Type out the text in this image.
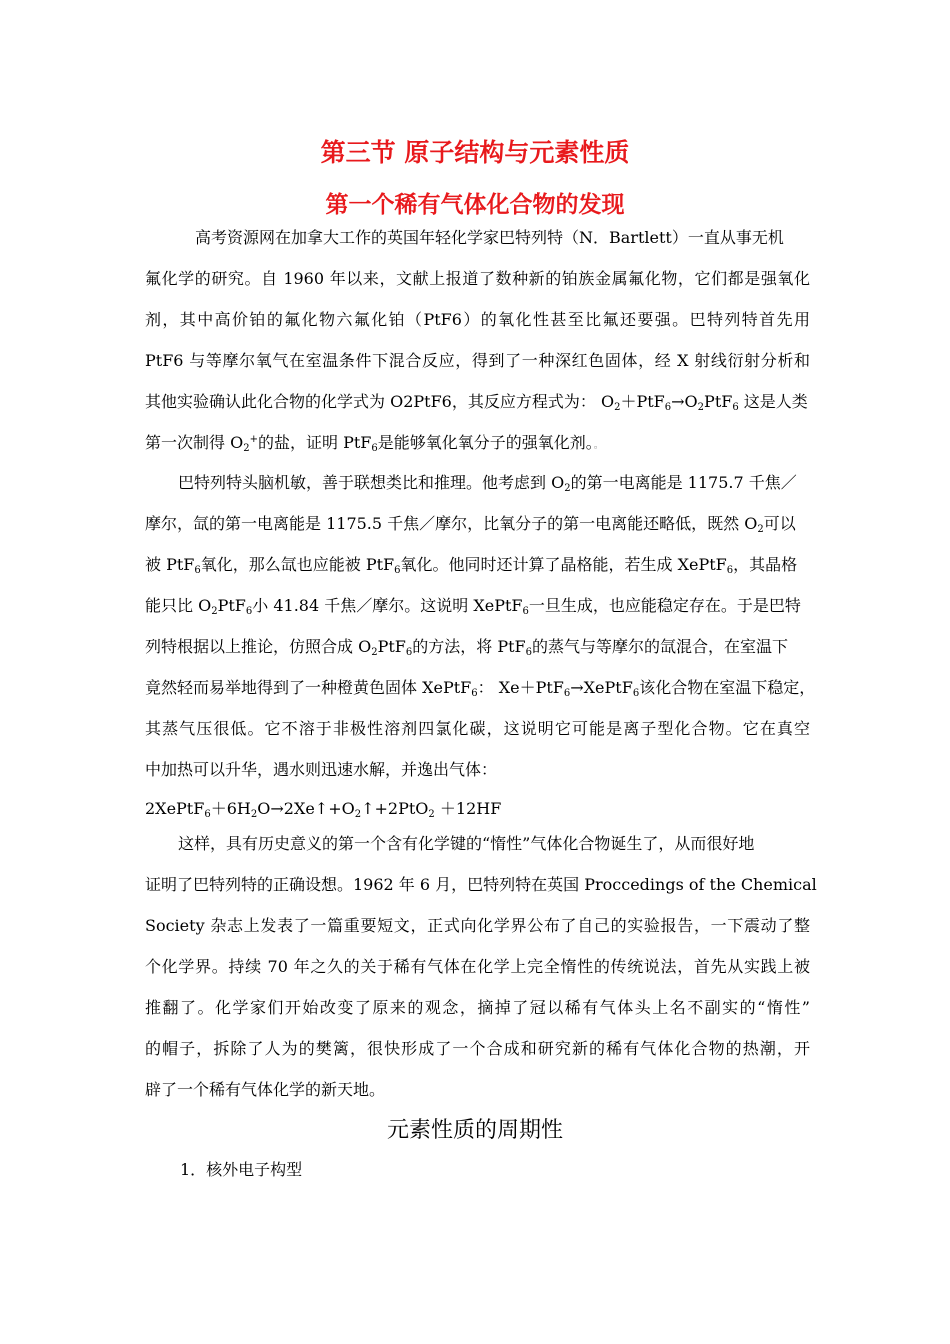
第三节 原子结构与元素性质
第一个稀有气体化合物的发现
高考资源网在加拿大工作的英国年轻化学家巴特列特（N．Bartlett）一直从事无机
氟化学的研究。自 1960 年以来，文献上报道了数种新的铂族金属氟化物，它们都是强氧化
剂，其中高价铂的氟化物六氟化铂（PtF6）的氧化性甚至比氟还要强。巴特列特首先用
PtF6 与等摩尔氧气在室温条件下混合反应，得到了一种深红色固体，经 X 射线衍射分析和
其他实验确认此化合物的化学式为 O2PtF6，其反应方程式为： $O_2+PtF_6\to O_2PtF_6$ 这是人类
第一次制得 $O_2^+$的盐，证明 PtF$_6$是能够氧化氧分子的强氧化剂。。
巴特列特头脑机敏，善于联想类比和推理。他考虑到 $O_2$的第一电离能是 1175.7 千焦／
摩尔，氙的第一电离能是 1175.5 千焦／摩尔，比氧分子的第一电离能还略低，既然 $O_2$可以
被 PtF$_6$氧化，那么氙也应能被 PtF$_6$氧化。他同时还计算了晶格能，若生成 XePtF$_6$，其晶格
能只比 $O_2PtF_6$小 41.84 千焦／摩尔。这说明 XePtF$_6$一旦生成，也应能稳定存在。于是巴特
列特根据以上推论，仿照合成 $O_2PtF_6$的方法，将 PtF$_6$的蒸气与等摩尔的氙混合，在室温下
竟然轻而易举地得到了一种橙黄色固体 XePtF$_6$： Xe＋PtF$_6$→XePtF$_6$该化合物在室温下稳定，
其蒸气压很低。它不溶于非极性溶剂四氯化碳，这说明它可能是离子型化合物。它在真空
中加热可以升华，遇水则迅速水解，并逸出气体：
$2XePtF_6+6H_2O\to 2Xe↑+O_2↑+2PtO_2 +12HF$
这样，具有历史意义的第一个含有化学键的“惰性”气体化合物诞生了，从而很好地
证明了巴特列特的正确设想。1962 年 6 月，巴特列特在英国 Proccedings of the Chemical
Society 杂志上发表了一篇重要短文，正式向化学界公布了自己的实验报告，一下震动了整
个化学界。持续 70 年之久的关于稀有气体在化学上完全惰性的传统说法，首先从实践上被
推翻了。化学家们开始改变了原来的观念，摘掉了冠以稀有气体头上名不副实的“惰性”
的帽子，拆除了人为的樊篱，很快形成了一个合成和研究新的稀有气体化合物的热潮，开
辟了一个稀有气体化学的新天地。
元素性质的周期性
1．核外电子构型
